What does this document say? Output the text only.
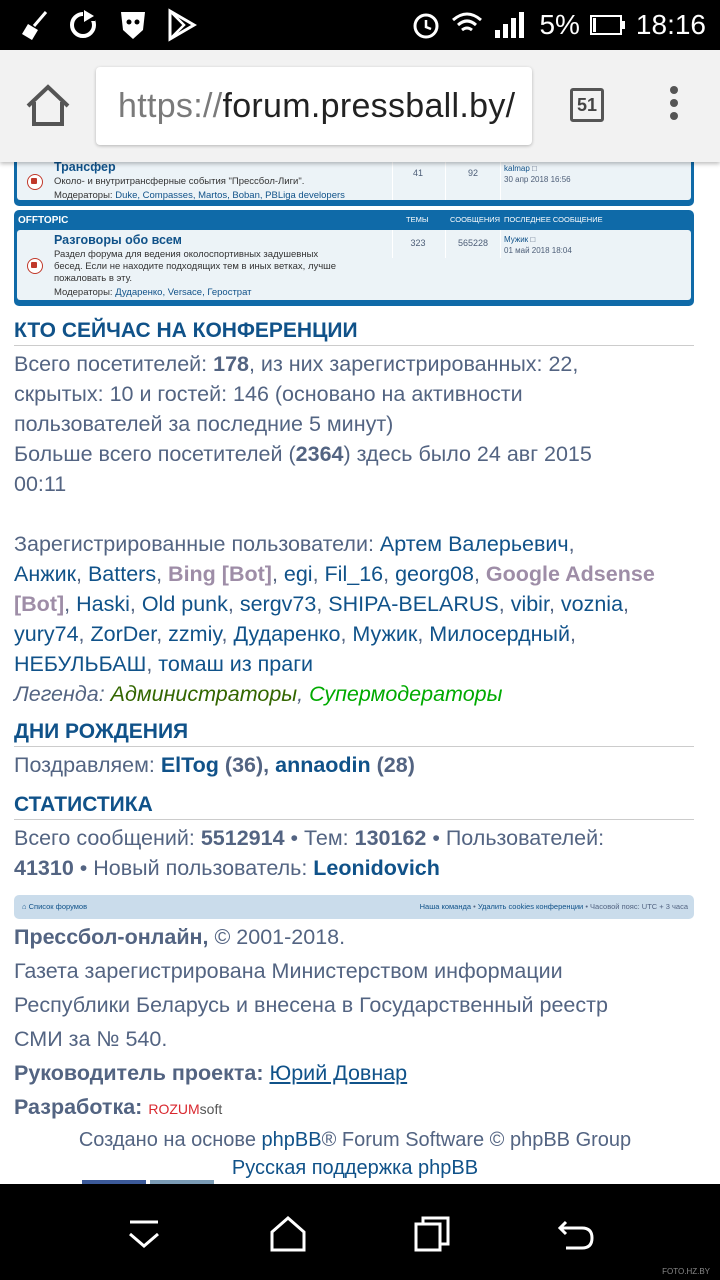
5% 18:16
https://forum.pressball.by/	51
Трансфер
Около- и внутритрансферные события "Прессбол-Лиги".
Модераторы: Duke, Compasses, Martos, Boban, PBLiga developers
41	92	kalmap □
30 апр 2018 16:56
OFFTOPIC	ТЕМЫ	СООБЩЕНИЯ ПОСЛЕДНЕЕ СООБЩЕНИЕ
Разговоры обо всем
Раздел форума для ведения околоспортивных задушевных
бесед. Если не находите подходящих тем в иных ветках, лучше
пожаловать в эту.
Модераторы: Дударенко, Versace, Герострат
323	565228	Мужик □
01 май 2018 18:04
КТО СЕЙЧАС НА КОНФЕРЕНЦИИ
Всего посетителей: 178, из них зарегистрированных: 22,
скрытых: 10 и гостей: 146 (основано на активности
пользователей за последние 5 минут)
Больше всего посетителей (2364) здесь было 24 авг 2015
00:11
Зарегистрированные пользователи: Артем Валерьевич,
Анжик, Batters, Bing [Bot], egi, Fil_16, georg08, Google Adsense
[Bot], Haski, Old punk, sergv73, SHIPA-BELARUS, vibir, voznia,
yury74, ZorDer, zzmiy, Дударенко, Мужик, Милосердный,
НЕБУЛЬБАШ, томаш из праги
Легенда: Администраторы, Супермодераторы
ДНИ РОЖДЕНИЯ
Поздравляем: ElTog (36), annaodin (28)
СТАТИСТИКА
Всего сообщений: 5512914 • Тем: 130162 • Пользователей:
41310 • Новый пользователь: Leonidovich
⌂ Список форумов	Наша команда • Удалить cookies конференции • Часовой пояс: UTC + 3 часа
Прессбол-онлайн, © 2001-2018.
Газета зарегистрирована Министерством информации
Республики Беларусь и внесена в Государственный реестр
СМИ за № 540.
Руководитель проекта: Юрий Довнар
Разработка: ROZUMsoft
Создано на основе phpBB® Forum Software © phpBB Group
Русская поддержка phpBB
FOTO.HZ.BY
